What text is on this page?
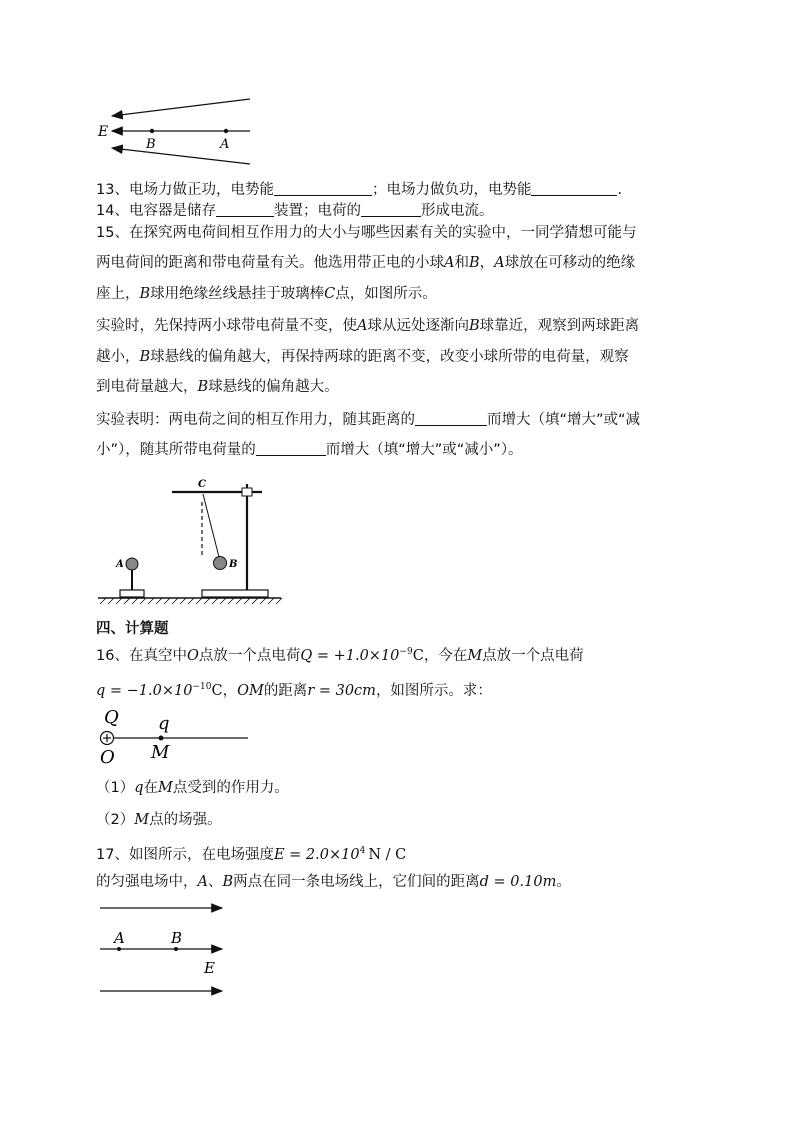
E
B	A
13、电场力做正功，电势能	；电场力做负功，电势能	.
14、电容器是储存	装置；电荷的	形成电流。
15、在探究两电荷间相互作用力的大小与哪些因素有关的实验中，一同学猜想可能与
两电荷间的距离和带电荷量有关。他选用带正电的小球A和B，A球放在可移动的绝缘
座上，B球用绝缘丝线悬挂于玻璃棒C点，如图所示。
实验时，先保持两小球带电荷量不变，使A球从远处逐渐向B球靠近，观察到两球距离
越小，B球悬线的偏角越大，再保持两球的距离不变，改变小球所带的电荷量，观察
到电荷量越大，B球悬线的偏角越大。
实验表明：两电荷之间的相互作用力，随其距离的	而增大（填“增大”或“减
小”），随其所带电荷量的	而增大（填“增大”或“减小”）。
A
C
B
四、计算题
16、在真空中O点放一个点电荷$Q = +1.0\times 10^{-9}C$，今在M点放一个点电荷
$q = -1.0\times 10^{-10}C$，OM的距离r = 30cm，如图所示。求：
Q q
O M
（1）q在M点受到的作用力。
（2）M点的场强。
17、如图所示，在电场强度$E = 2.0\times 10^4$ N / C
的匀强电场中，A、B两点在同一条电场线上，它们间的距离d = 0.10m。
A	B
E
